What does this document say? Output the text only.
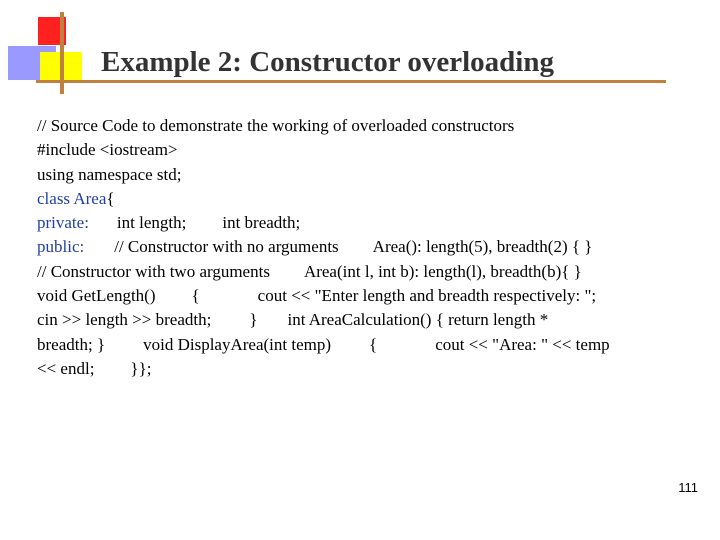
Example 2: Constructor overloading
// Source Code to demonstrate the working of overloaded constructors
#include <iostream>
using namespace std;
class Area{
private: int length; int breadth;
public: // Constructor with no arguments Area(): length(5), breadth(2) { }
// Constructor with two arguments Area(int l, int b): length(l), breadth(b){ }
void GetLength() {	cout << "Enter length and breadth respectively: ";
cin >> length >> breadth; } int AreaCalculation() { return length *
breadth; } void DisplayArea(int temp) {	cout << "Area: " << temp
<< endl; }};
111
